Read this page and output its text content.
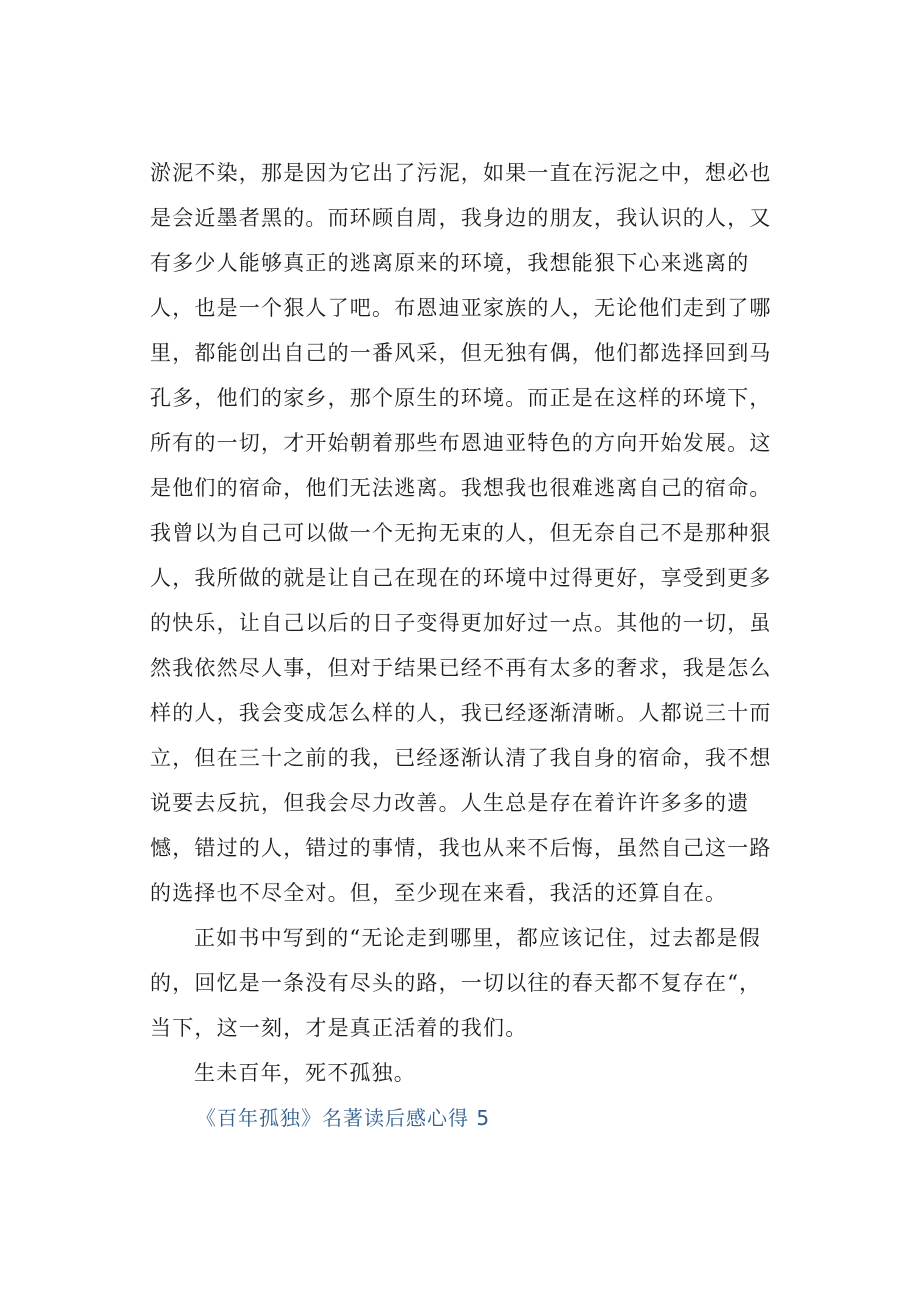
淤泥不染，那是因为它出了污泥，如果一直在污泥之中，想必也
是会近墨者黑的。而环顾自周，我身边的朋友，我认识的人，又
有多少人能够真正的逃离原来的环境，我想能狠下心来逃离的
人，也是一个狠人了吧。布恩迪亚家族的人，无论他们走到了哪
里，都能创出自己的一番风采，但无独有偶，他们都选择回到马
孔多，他们的家乡，那个原生的环境。而正是在这样的环境下，
所有的一切，才开始朝着那些布恩迪亚特色的方向开始发展。这
是他们的宿命，他们无法逃离。我想我也很难逃离自己的宿命。
我曾以为自己可以做一个无拘无束的人，但无奈自己不是那种狠
人，我所做的就是让自己在现在的环境中过得更好，享受到更多
的快乐，让自己以后的日子变得更加好过一点。其他的一切，虽
然我依然尽人事，但对于结果已经不再有太多的奢求，我是怎么
样的人，我会变成怎么样的人，我已经逐渐清晰。人都说三十而
立，但在三十之前的我，已经逐渐认清了我自身的宿命，我不想
说要去反抗，但我会尽力改善。人生总是存在着许许多多的遗
憾，错过的人，错过的事情，我也从来不后悔，虽然自己这一路
的选择也不尽全对。但，至少现在来看，我活的还算自在。
正如书中写到的“无论走到哪里，都应该记住，过去都是假
的，回忆是一条没有尽头的路，一切以往的春天都不复存在“，
当下，这一刻，才是真正活着的我们。
生未百年，死不孤独。
《百年孤独》名著读后感心得 5
